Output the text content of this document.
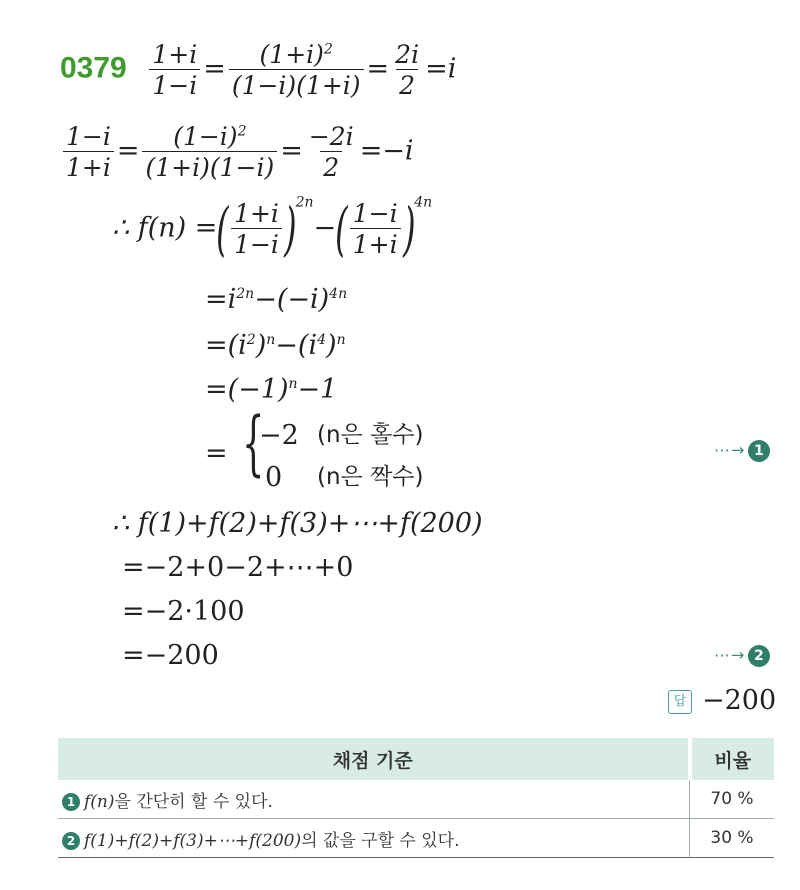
$0379 \frac{1+i}{1-i} = \frac{(1+i)^2}{(1-i)(1+i)} = \frac{2i}{2} =i$
$\frac{1-i}{1+i} = \frac{(1-i)^2}{(1+i)(1-i)} = \frac{-2i}{2} =-i$
∴ f(n) =( $\frac{1+i}{1-i} )^{2n}-( \frac{1-i}{1+i} )^{4n}$
$=i^{2n}-(-i)^{4n}$
$=(i^2)^n-(i^4)^n$
$=(-1)^n-1$
= {
−2 (n은 홀수)
0 (n은 짝수)
⋯→ 1
∴ f(1)+f(2)+f(3)+⋯+f(200)
=−2+0−2+⋯+0
=−2·100
=−200	⋯→ 2
답 −200
채점 기준	비율
1 f(n)을 간단히 할 수 있다.	70 %
2 f(1)+f(2)+f(3)+⋯+f(200)의 값을 구할 수 있다.	30 %
